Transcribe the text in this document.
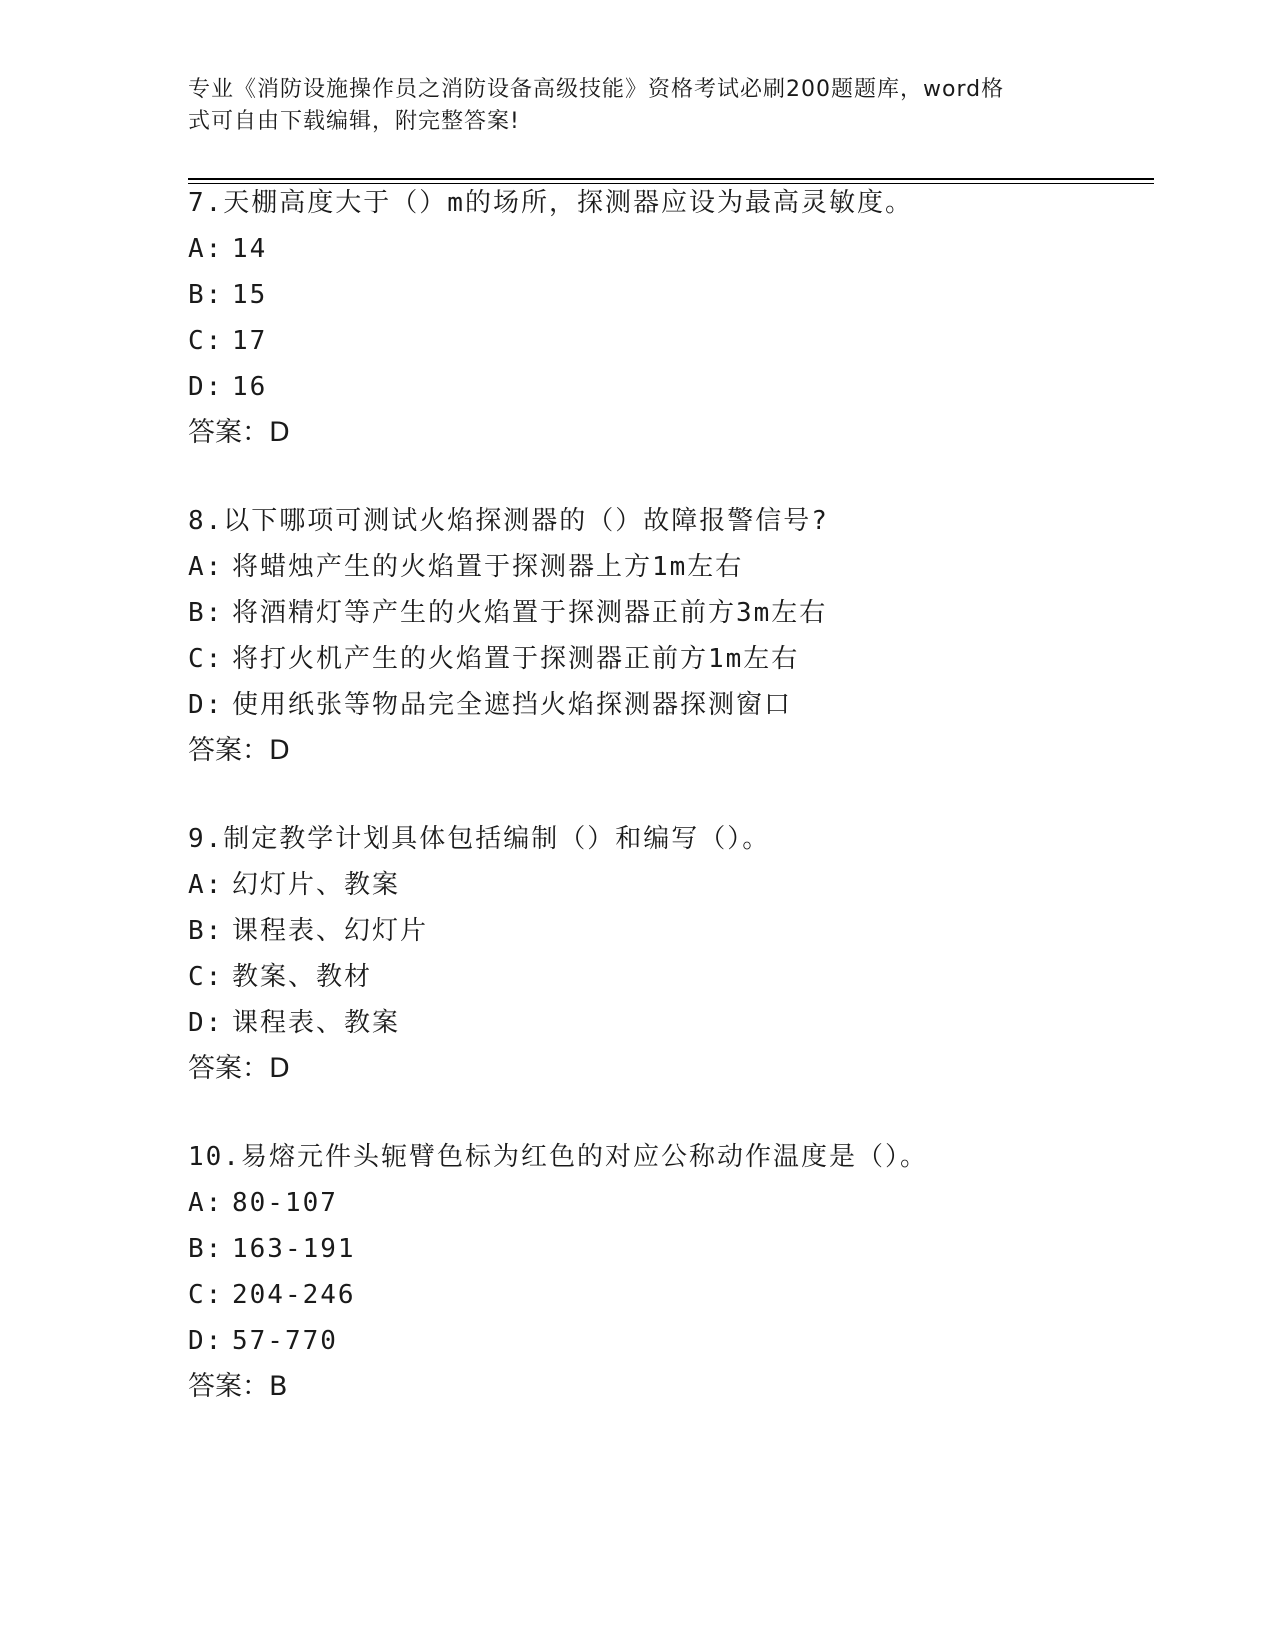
专业《消防设施操作员之消防设备高级技能》资格考试必刷200题题库，word格
式可自由下载编辑，附完整答案!
7.天棚高度大于（）m的场所，探测器应设为最高灵敏度。
A: 14
B: 15
C: 17
D: 16
答案：D
8.以下哪项可测试火焰探测器的（）故障报警信号?
A: 将蜡烛产生的火焰置于探测器上方1m左右
B: 将酒精灯等产生的火焰置于探测器正前方3m左右
C: 将打火机产生的火焰置于探测器正前方1m左右
D: 使用纸张等物品完全遮挡火焰探测器探测窗口
答案：D
9.制定教学计划具体包括编制（）和编写（）。
A: 幻灯片、教案
B: 课程表、幻灯片
C: 教案、教材
D: 课程表、教案
答案：D
10.易熔元件头轭臂色标为红色的对应公称动作温度是（）。
A: 80-107
B: 163-191
C: 204-246
D: 57-770
答案：B
